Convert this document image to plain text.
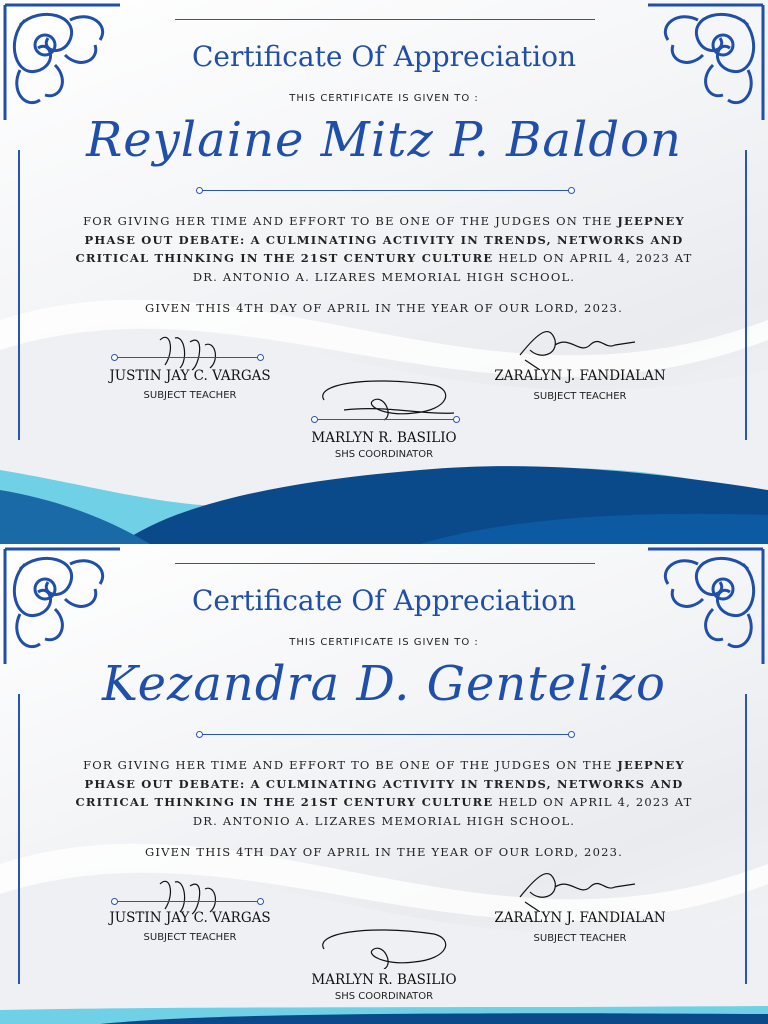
Certificate Of Appreciation
THIS CERTIFICATE IS GIVEN TO :
Reylaine Mitz P. Baldon
FOR GIVING HER TIME AND EFFORT TO BE ONE OF THE JUDGES ON THE JEEPNEY PHASE OUT DEBATE: A CULMINATING ACTIVITY IN TRENDS, NETWORKS AND CRITICAL THINKING IN THE 21ST CENTURY CULTURE HELD ON APRIL 4, 2023 AT DR. ANTONIO A. LIZARES MEMORIAL HIGH SCHOOL.
GIVEN THIS 4TH DAY OF APRIL IN THE YEAR OF OUR LORD, 2023.
JUSTIN JAY C. VARGAS
SUBJECT TEACHER
ZARALYN J. FANDIALAN
SUBJECT TEACHER
MARLYN R. BASILIO
SHS COORDINATOR
Certificate Of Appreciation
THIS CERTIFICATE IS GIVEN TO :
Kezandra D. Gentelizo
FOR GIVING HER TIME AND EFFORT TO BE ONE OF THE JUDGES ON THE JEEPNEY PHASE OUT DEBATE: A CULMINATING ACTIVITY IN TRENDS, NETWORKS AND CRITICAL THINKING IN THE 21ST CENTURY CULTURE HELD ON APRIL 4, 2023 AT DR. ANTONIO A. LIZARES MEMORIAL HIGH SCHOOL.
GIVEN THIS 4TH DAY OF APRIL IN THE YEAR OF OUR LORD, 2023.
JUSTIN JAY C. VARGAS
SUBJECT TEACHER
ZARALYN J. FANDIALAN
SUBJECT TEACHER
MARLYN R. BASILIO
SHS COORDINATOR
